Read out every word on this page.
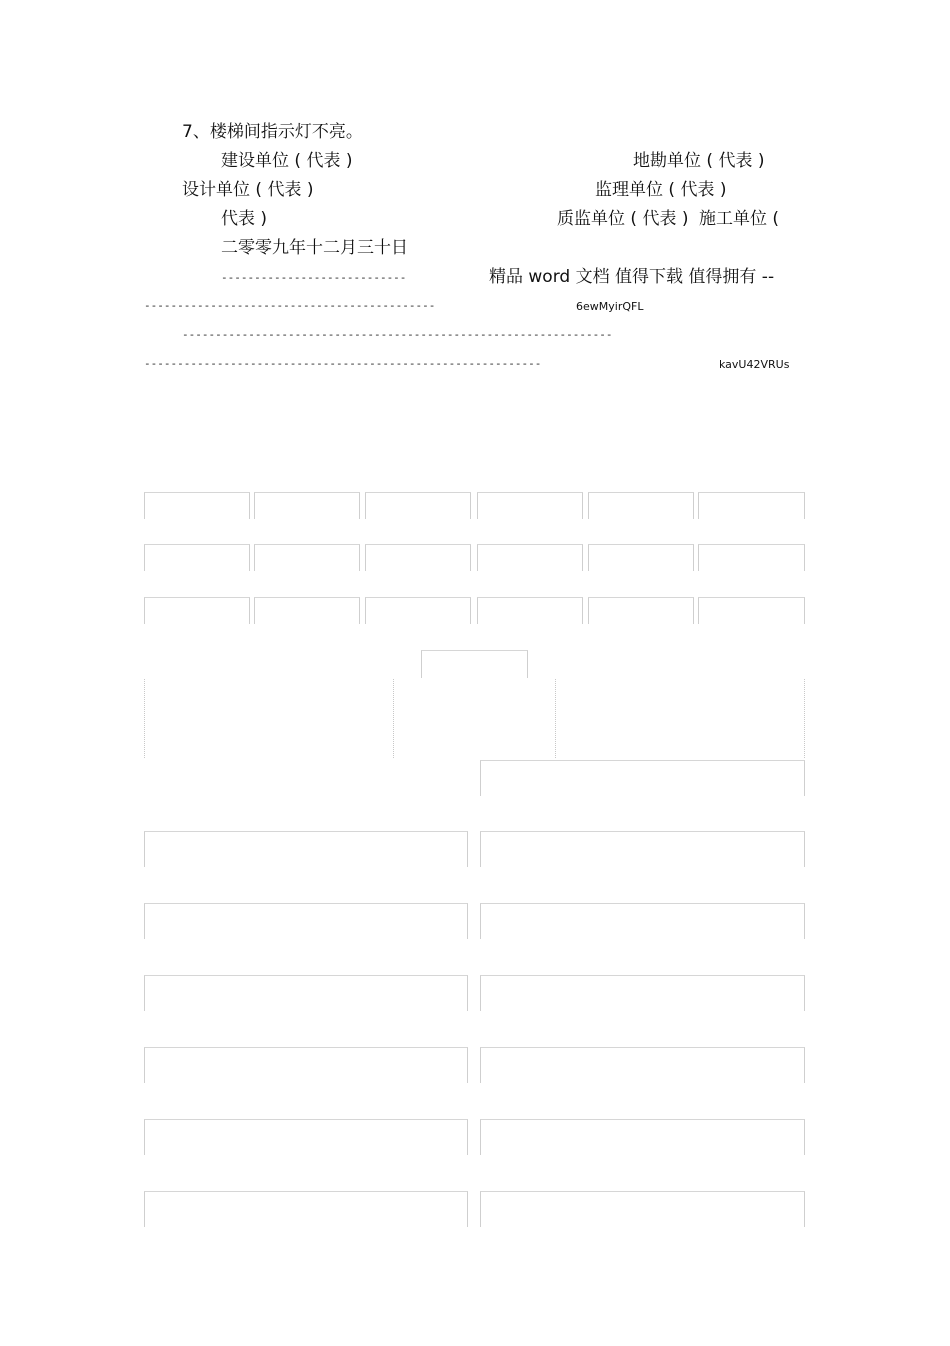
7、楼梯间指示灯不亮。
建设单位 ( 代表 )	地勘单位 ( 代表 )
设计单位 ( 代表 )	监理单位 ( 代表 )
代表 )	质监单位 ( 代表 ) 施工单位 (
二零零九年十二月三十日
----------------------------	精品 word 文档 值得下载 值得拥有 --
--------------------------------------------	6ewMyirQFL
-----------------------------------------------------------------
------------------------------------------------------------	kavU42VRUs
